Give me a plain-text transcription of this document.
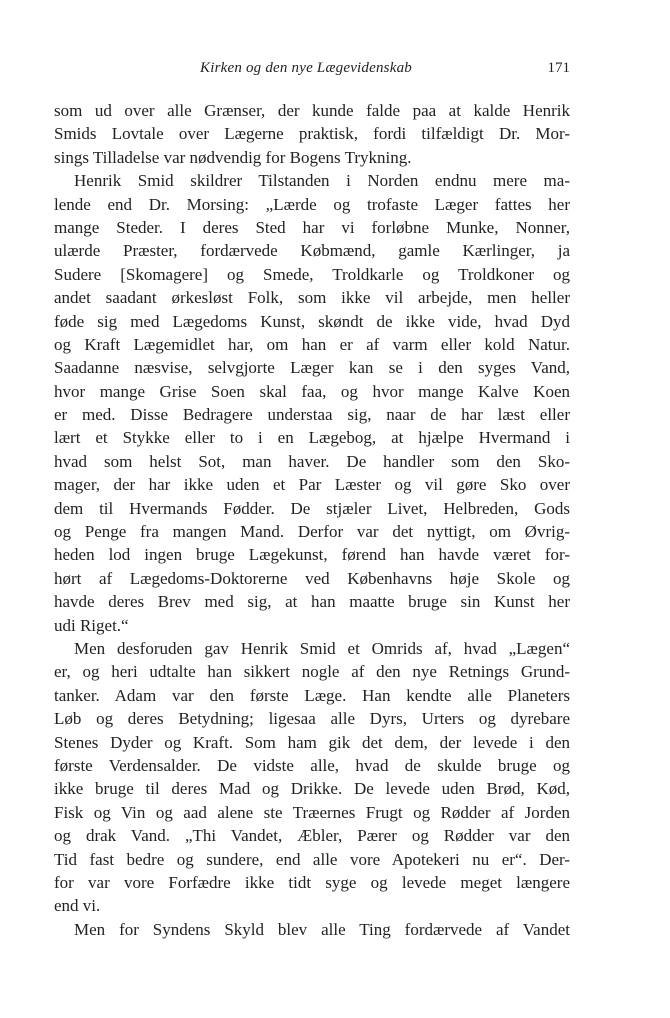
Kirken og den nye Lægevidenskab	171
som ud over alle Grænser, der kunde falde paa at kalde Henrik
Smids Lovtale over Lægerne praktisk, fordi tilfældigt Dr. Mor-
sings Tilladelse var nødvendig for Bogens Trykning.
Henrik Smid skildrer Tilstanden i Norden endnu mere ma-
lende end Dr. Morsing: „Lærde og trofaste Læger fattes her
mange Steder. I deres Sted har vi forløbne Munke, Nonner,
ulærde Præster, fordærvede Købmænd, gamle Kærlinger, ja
Sudere [Skomagere] og Smede, Troldkarle og Troldkoner og
andet saadant ørkesløst Folk, som ikke vil arbejde, men heller
føde sig med Lægedoms Kunst, skøndt de ikke vide, hvad Dyd
og Kraft Lægemidlet har, om han er af varm eller kold Natur.
Saadanne næsvise, selvgjorte Læger kan se i den syges Vand,
hvor mange Grise Soen skal faa, og hvor mange Kalve Koen
er med. Disse Bedragere understaa sig, naar de har læst eller
lært et Stykke eller to i en Lægebog, at hjælpe Hvermand i
hvad som helst Sot, man haver. De handler som den Sko-
mager, der har ikke uden et Par Læster og vil gøre Sko over
dem til Hvermands Fødder. De stjæler Livet, Helbreden, Gods
og Penge fra mangen Mand. Derfor var det nyttigt, om Øvrig-
heden lod ingen bruge Lægekunst, førend han havde været for-
hørt af Lægedoms-Doktorerne ved Københavns høje Skole og
havde deres Brev med sig, at han maatte bruge sin Kunst her
udi Riget.“
Men desforuden gav Henrik Smid et Omrids af, hvad „Lægen“
er, og heri udtalte han sikkert nogle af den nye Retnings Grund-
tanker. Adam var den første Læge. Han kendte alle Planeters
Løb og deres Betydning; ligesaa alle Dyrs, Urters og dyrebare
Stenes Dyder og Kraft. Som ham gik det dem, der levede i den
første Verdensalder. De vidste alle, hvad de skulde bruge og
ikke bruge til deres Mad og Drikke. De levede uden Brød, Kød,
Fisk og Vin og aad alene ste Træernes Frugt og Rødder af Jorden
og drak Vand. „Thi Vandet, Æbler, Pærer og Rødder var den
Tid fast bedre og sundere, end alle vore Apotekeri nu er“. Der-
for var vore Forfædre ikke tidt syge og levede meget længere
end vi.
Men for Syndens Skyld blev alle Ting fordærvede af Vandet
